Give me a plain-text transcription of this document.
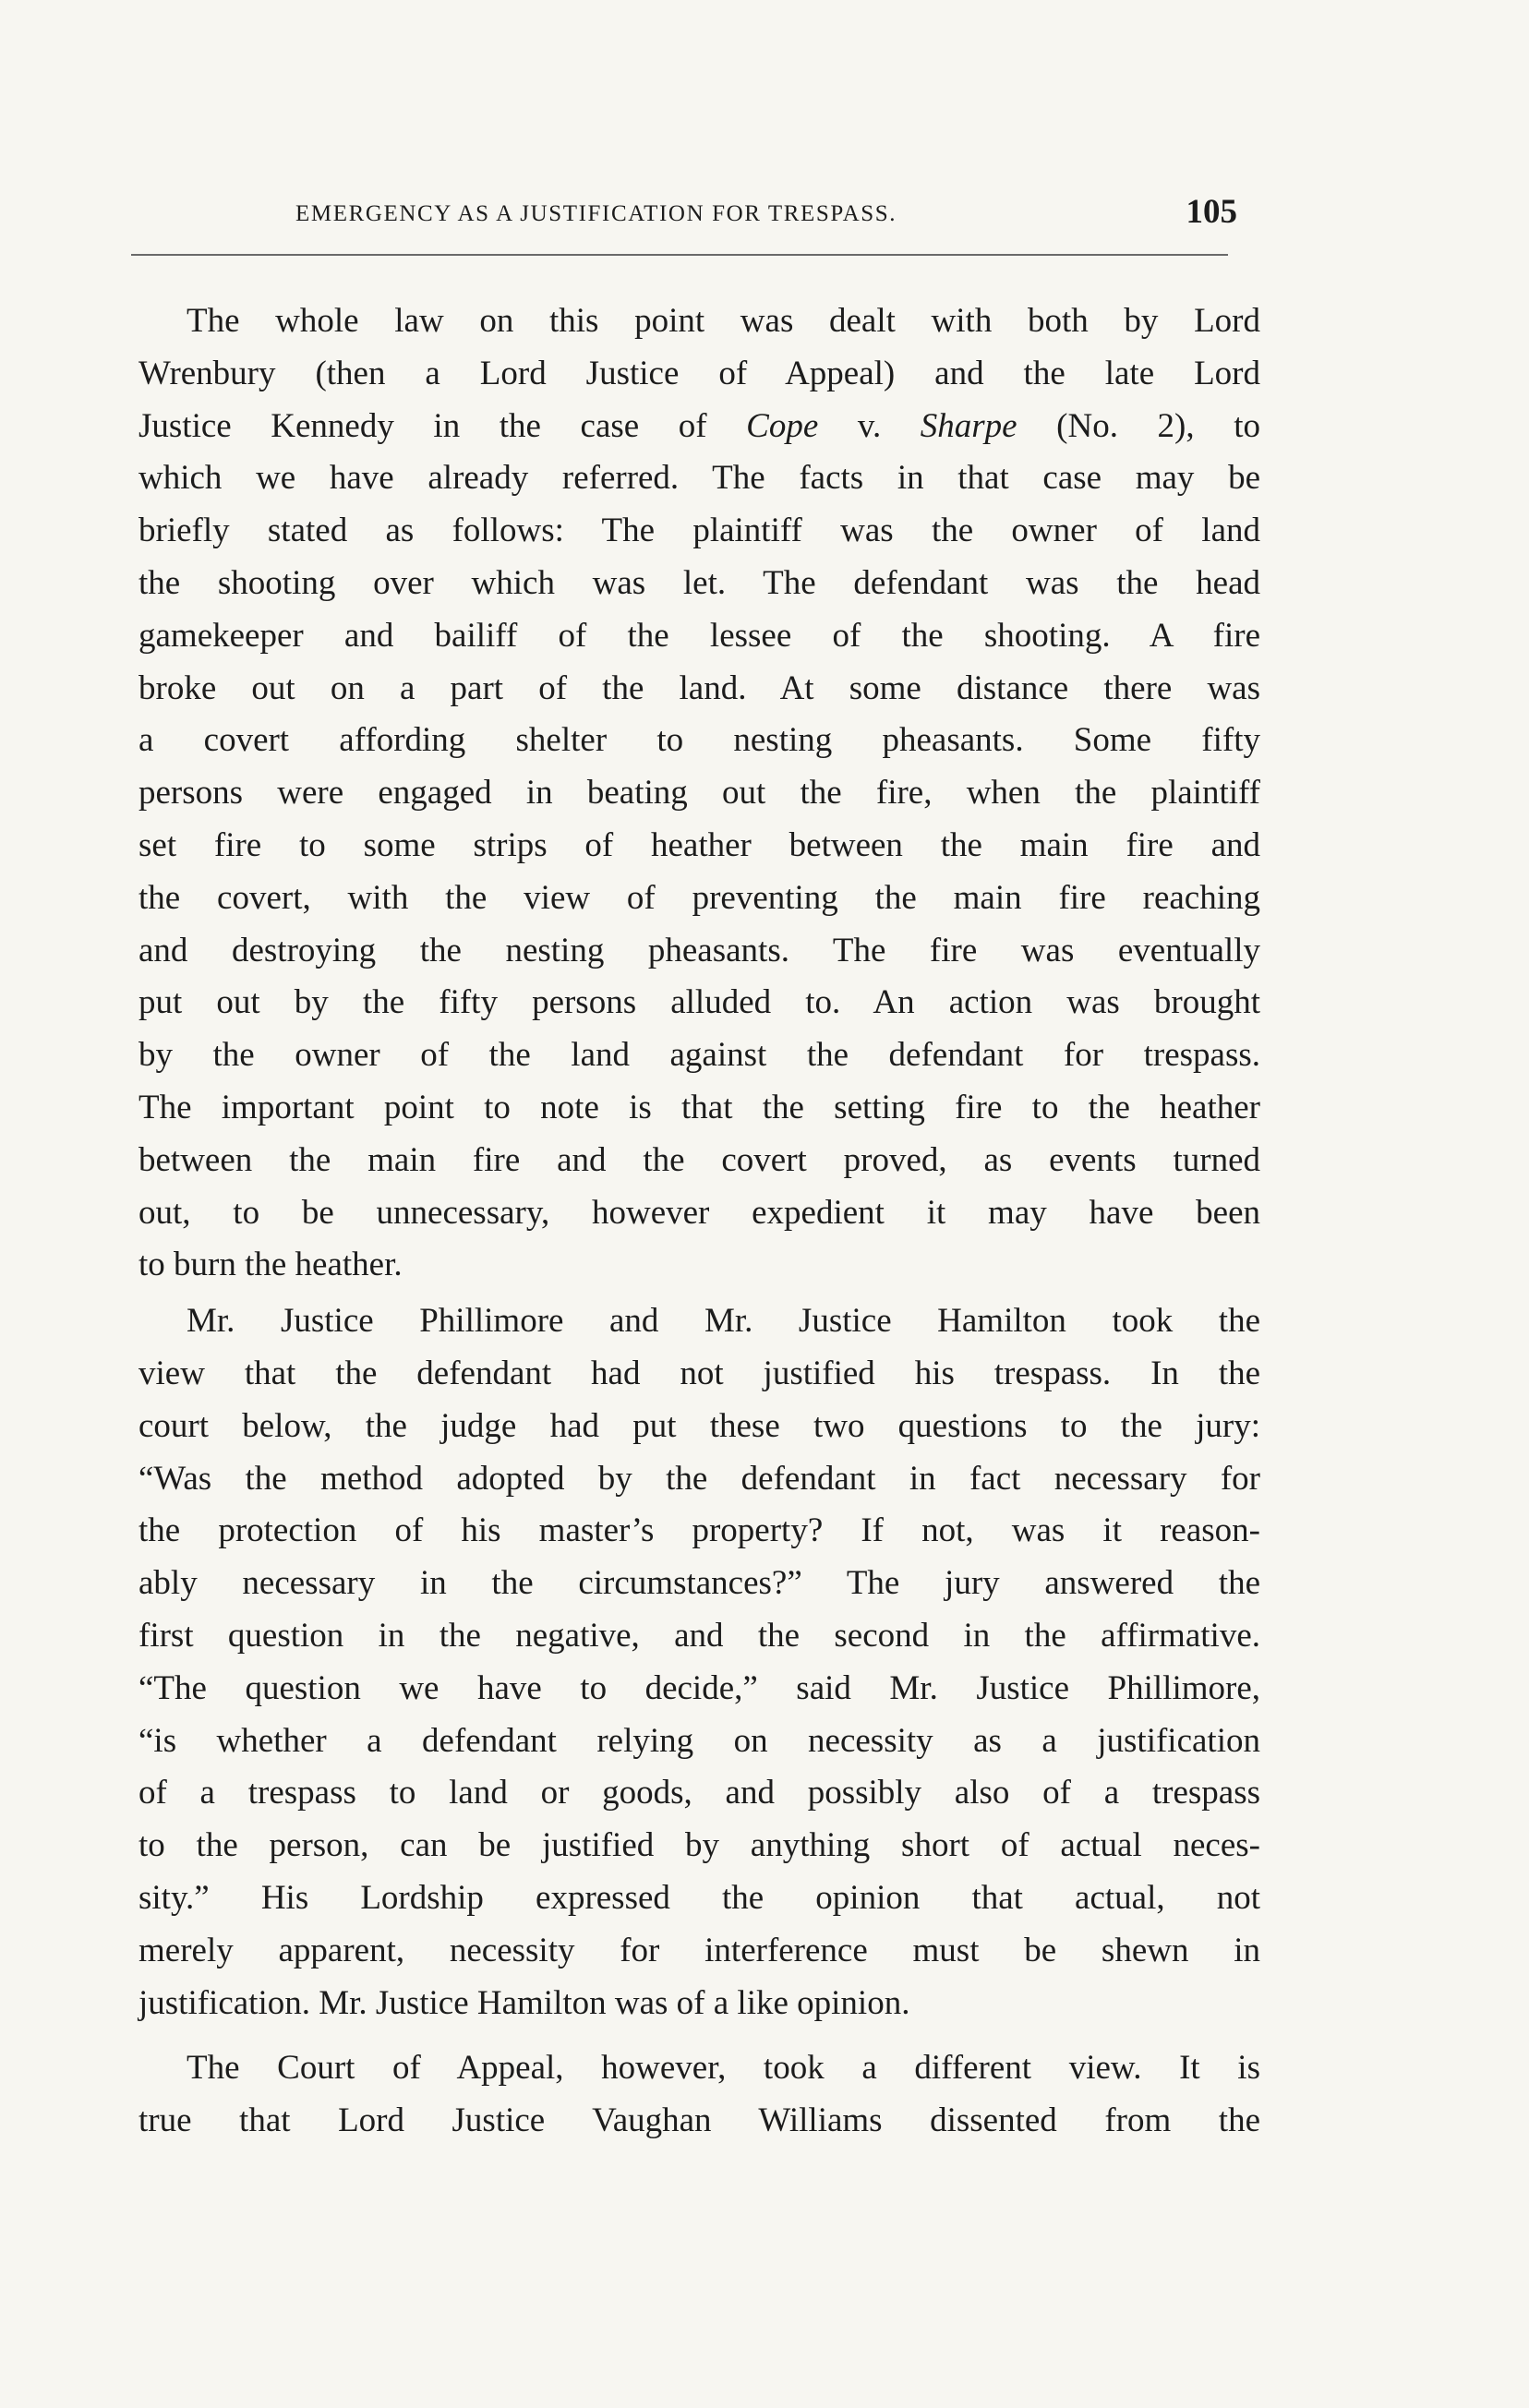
EMERGENCY AS A JUSTIFICATION FOR TRESPASS.	105
The whole law on this point was dealt with both by Lord
Wrenbury (then a Lord Justice of Appeal) and the late Lord
Justice Kennedy in the case of Cope v. Sharpe (No. 2), to
which we have already referred. The facts in that case may be
briefly stated as follows: The plaintiff was the owner of land
the shooting over which was let. The defendant was the head
gamekeeper and bailiff of the lessee of the shooting. A fire
broke out on a part of the land. At some distance there was
a covert affording shelter to nesting pheasants. Some fifty
persons were engaged in beating out the fire, when the plaintiff
set fire to some strips of heather between the main fire and
the covert, with the view of preventing the main fire reaching
and destroying the nesting pheasants. The fire was eventually
put out by the fifty persons alluded to. An action was brought
by the owner of the land against the defendant for trespass.
The important point to note is that the setting fire to the heather
between the main fire and the covert proved, as events turned
out, to be unnecessary, however expedient it may have been
to burn the heather.
Mr. Justice Phillimore and Mr. Justice Hamilton took the
view that the defendant had not justified his trespass. In the
court below, the judge had put these two questions to the jury:
“Was the method adopted by the defendant in fact necessary for
the protection of his master’s property? If not, was it reason-
ably necessary in the circumstances?” The jury answered the
first question in the negative, and the second in the affirmative.
“The question we have to decide,” said Mr. Justice Phillimore,
“is whether a defendant relying on necessity as a justification
of a trespass to land or goods, and possibly also of a trespass
to the person, can be justified by anything short of actual neces-
sity.” His Lordship expressed the opinion that actual, not
merely apparent, necessity for interference must be shewn in
justification. Mr. Justice Hamilton was of a like opinion.
The Court of Appeal, however, took a different view. It is
true that Lord Justice Vaughan Williams dissented from the
